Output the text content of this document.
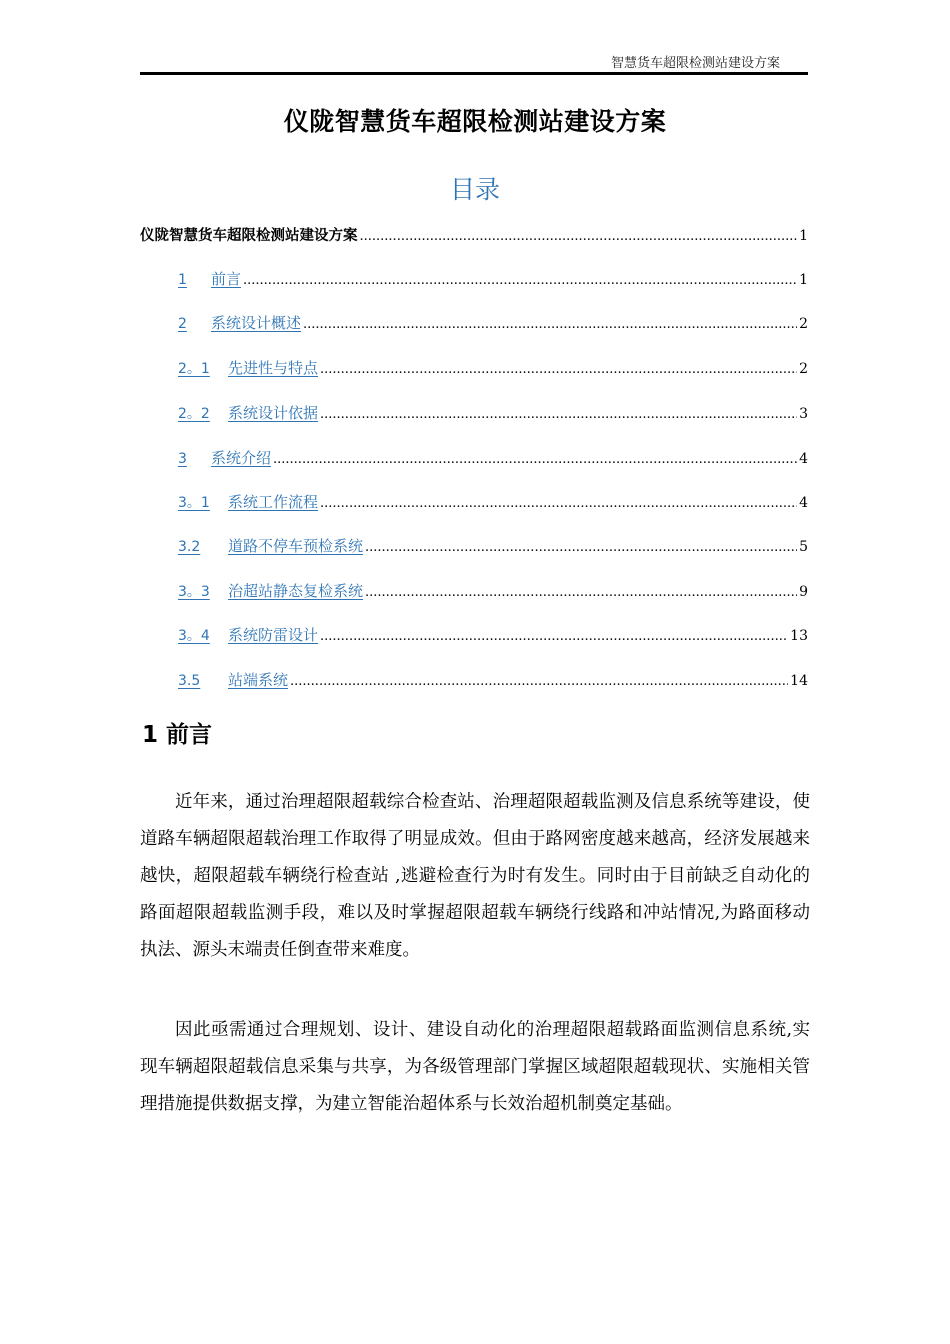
智慧货车超限检测站建设方案
仪陇智慧货车超限检测站建设方案
目录
仪陇智慧货车超限检测站建设方案 .....	1
1	前言 .....	1
2	系统设计概述 .....	2
2。1	先进性与特点 .....	2
2。2	系统设计依据 .....	3
3	系统介绍 .....	4
3。1	系统工作流程 .....	4
3.2	道路不停车预检系统 .....	5
3。3	治超站静态复检系统 .....	9
3。4	系统防雷设计 .....	13
3.5	站端系统 .....	14
1 前言

近年来，通过治理超限超载综合检查站、治理超限超载监测及信息系统等建设，使道路车辆超限超载治理工作取得了明显成效。但由于路网密度越来越高，经济发展越来越快，超限超载车辆绕行检查站 ,逃避检查行为时有发生。同时由于目前缺乏自动化的路面超限超载监测手段，难以及时掌握超限超载车辆绕行线路和冲站情况,为路面移动执法、源头末端责任倒查带来难度。

因此亟需通过合理规划、设计、建设自动化的治理超限超载路面监测信息系统,实现车辆超限超载信息采集与共享，为各级管理部门掌握区域超限超载现状、实施相关管理措施提供数据支撑，为建立智能治超体系与长效治超机制奠定基础。
